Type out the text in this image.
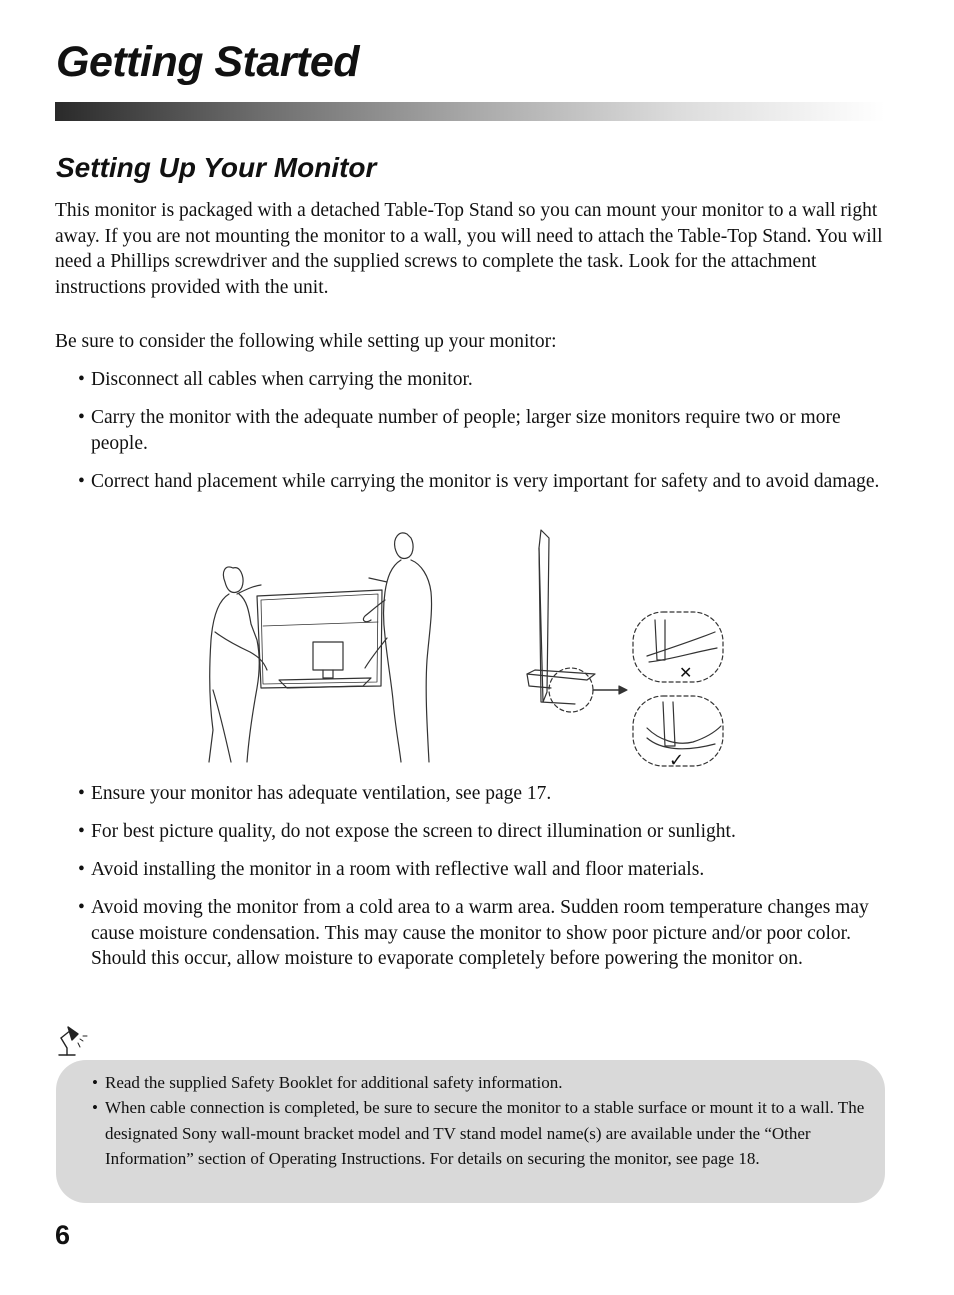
Getting Started
Setting Up Your Monitor

This monitor is packaged with a detached Table-Top Stand so you can mount your monitor to a wall right away. If you are not mounting the monitor to a wall, you will need to attach the Table-Top Stand. You will need a Phillips screwdriver and the supplied screws to complete the task. Look for the attachment instructions provided with the unit.

Be sure to consider the following while setting up your monitor:

• Disconnect all cables when carrying the monitor.
• Carry the monitor with the adequate number of people; larger size monitors require two or more people.
• Correct hand placement while carrying the monitor is very important for safety and to avoid damage.
✕
✓
• Ensure your monitor has adequate ventilation, see page 17.
• For best picture quality, do not expose the screen to direct illumination or sunlight.
• Avoid installing the monitor in a room with reflective wall and floor materials.
• Avoid moving the monitor from a cold area to a warm area. Sudden room temperature changes may cause moisture condensation. This may cause the monitor to show poor picture and/or poor color. Should this occur, allow moisture to evaporate completely before powering the monitor on.
• Read the supplied Safety Booklet for additional safety information.
• When cable connection is completed, be sure to secure the monitor to a stable surface or mount it to a wall. The designated Sony wall-mount bracket model and TV stand model name(s) are available under the “Other Information” section of Operating Instructions. For details on securing the monitor, see page 18.
6
